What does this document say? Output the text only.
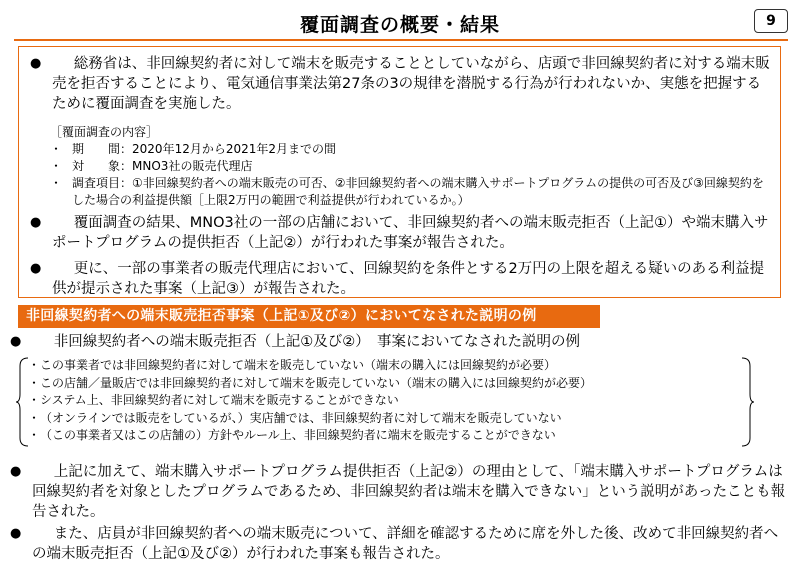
覆面調査の概要・結果	9
●	総務省は、非回線契約者に対して端末を販売することとしていながら、店頭で非回線契約者に対する端末販売を拒否することにより、電気通信事業法第27条の3の規律を潜脱する行為が行われないか、実態を把握するために覆面調査を実施した。
［覆面調査の内容］
・ 期　　間：2020年12月から2021年2月までの間
・ 対　　象：MNO3社の販売代理店
・ 調査項目：①非回線契約者への端末販売の可否、②非回線契約者への端末購入サポートプログラムの提供の可否及び③回線契約をした場合の利益提供額［上限2万円の範囲で利益提供が行われているか。）
●	覆面調査の結果、MNO3社の一部の店舗において、非回線契約者への端末販売拒否（上記①）や端末購入サポートプログラムの提供拒否（上記②）が行われた事案が報告された。
●	更に、一部の事業者の販売代理店において、回線契約を条件とする2万円の上限を超える疑いのある利益提供が提示された事案（上記③）が報告された。
非回線契約者への端末販売拒否事案（上記①及び②）においてなされた説明の例
●	非回線契約者への端末販売拒否（上記①及び②）　事案においてなされた説明の例
・ この事業者では非回線契約者に対して端末を販売していない（端末の購入には回線契約が必要）
・ この店舗／量販店では非回線契約者に対して端末を販売していない（端末の購入には回線契約が必要）
・ システム上、非回線契約者に対して端末を販売することができない
・ （オンラインでは販売をしているが、）実店舗では、非回線契約者に対して端末を販売していない
・ （この事業者又はこの店舗の）方針やルール上、非回線契約者に端末を販売することができない
●	上記に加えて、端末購入サポートプログラム提供拒否（上記②）の理由として、「端末購入サポートプログラムは回線契約者を対象としたプログラムであるため、非回線契約者は端末を購入できない」という説明があったことも報告された。
●	また、店員が非回線契約者への端末販売について、詳細を確認するために席を外した後、改めて非回線契約者への端末販売拒否（上記①及び②）が行われた事案も報告された。
